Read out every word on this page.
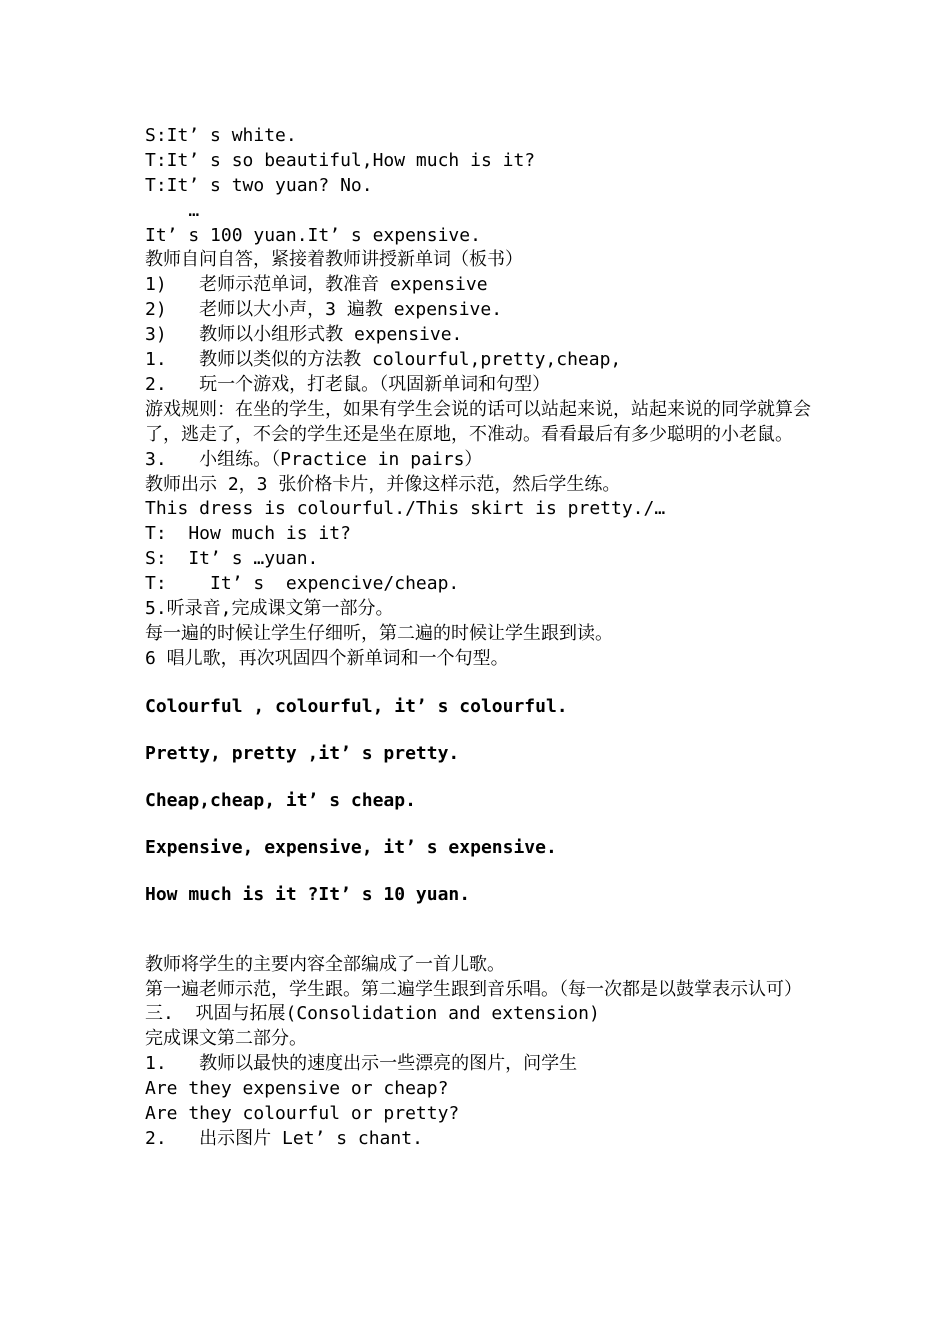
S:It’ s white.
T:It’ s so beautiful,How much is it?
T:It’ s two yuan? No.
…
It’ s 100 yuan.It’ s expensive.
教师自问自答，紧接着教师讲授新单词（板书）
1)   老师示范单词，教准音 expensive
2)   老师以大小声，3 遍教 expensive.
3)   教师以小组形式教 expensive.
1.   教师以类似的方法教 colourful,pretty,cheap,
2.   玩一个游戏，打老鼠。（巩固新单词和句型）
游戏规则：在坐的学生，如果有学生会说的话可以站起来说，站起来说的同学就算会了，逃走了，不会的学生还是坐在原地，不准动。看看最后有多少聪明的小老鼠。
3.   小组练。（Practice in pairs）
教师出示 2，3 张价格卡片，并像这样示范，然后学生练。
This dress is colourful./This skirt is pretty./…
T:  How much is it?
S:  It’ s …yuan.
T:    It’ s  expencive/cheap.
5.听录音,完成课文第一部分。
每一遍的时候让学生仔细听，第二遍的时候让学生跟到读。
6 唱儿歌，再次巩固四个新单词和一个句型。
Colourful , colourful, it’ s colourful.
Pretty, pretty ,it’ s pretty.
Cheap,cheap, it’ s cheap.
Expensive, expensive, it’ s expensive.
How much is it ?It’ s 10 yuan.
教师将学生的主要内容全部编成了一首儿歌。
第一遍老师示范，学生跟。第二遍学生跟到音乐唱。（每一次都是以鼓掌表示认可）
三.  巩固与拓展(Consolidation and extension)
完成课文第二部分。
1.   教师以最快的速度出示一些漂亮的图片，问学生
Are they expensive or cheap?
Are they colourful or pretty?
2.   出示图片 Let’ s chant.
